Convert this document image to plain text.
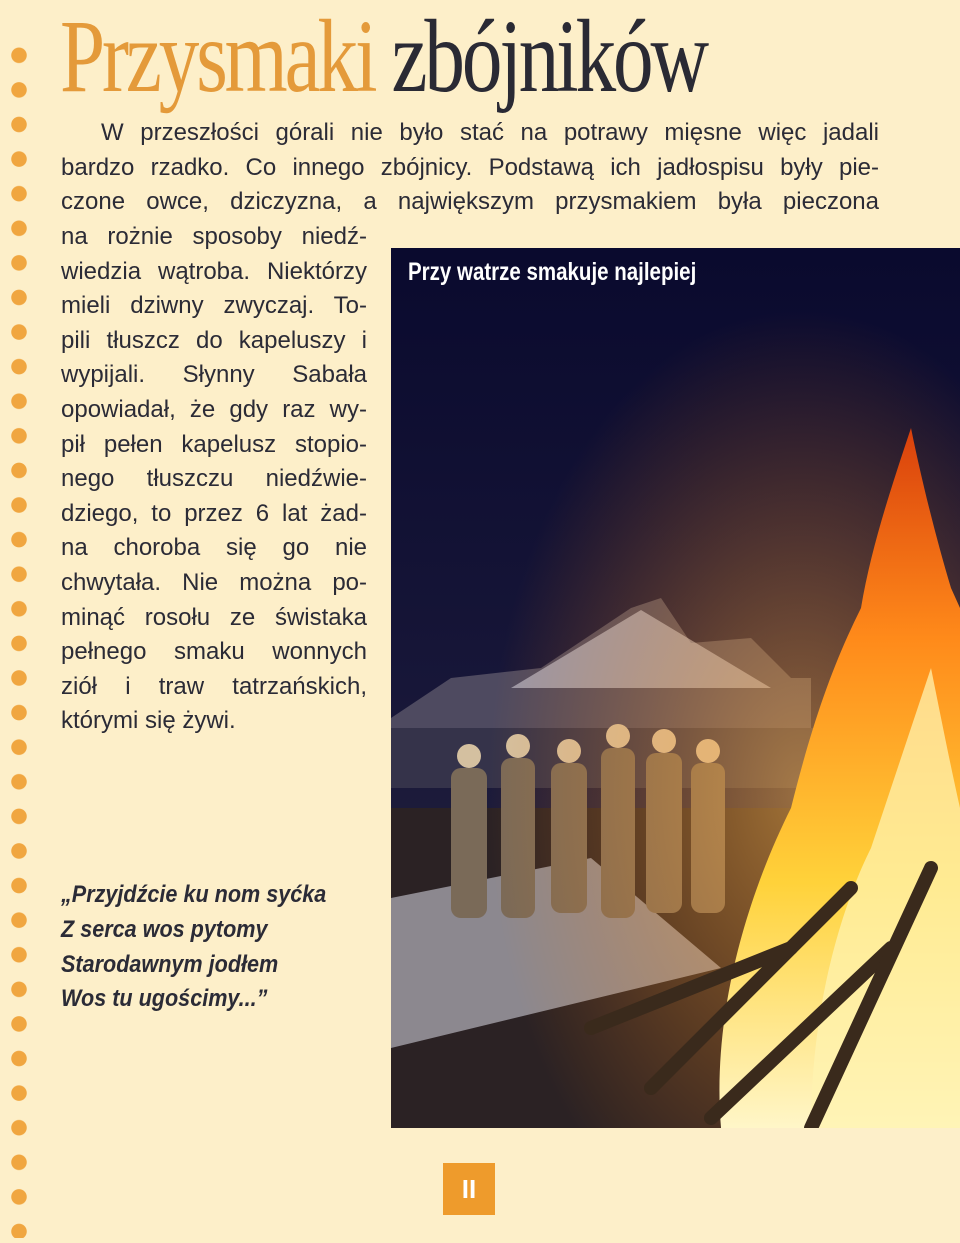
Przysmaki zbójników

W przeszłości górali nie było stać na potrawy mięsne więc jadali
bardzo rzadko. Co innego zbójnicy. Podstawą ich jadłospisu były pie-
czone owce, dziczyzna, a największym przysmakiem była pieczona

na rożnie sposoby niedź-
wiedzia wątroba. Niektórzy
mieli dziwny zwyczaj. To-
pili tłuszcz do kapeluszy i
wypijali. Słynny Sabała
opowiadał, że gdy raz wy-
pił pełen kapelusz stopio-
nego tłuszczu niedźwie-
dziego, to przez 6 lat żad-
na choroba się go nie
chwytała. Nie można po-
minąć rosołu ze świstaka
pełnego smaku wonnych
ziół i traw tatrzańskich,
którymi się żywi.

„Przyjdźcie ku nom syćka
Z serca wos pytomy
Starodawnym jodłem
Wos tu ugościmy...”

Przy watrze smakuje najlepiej
II
